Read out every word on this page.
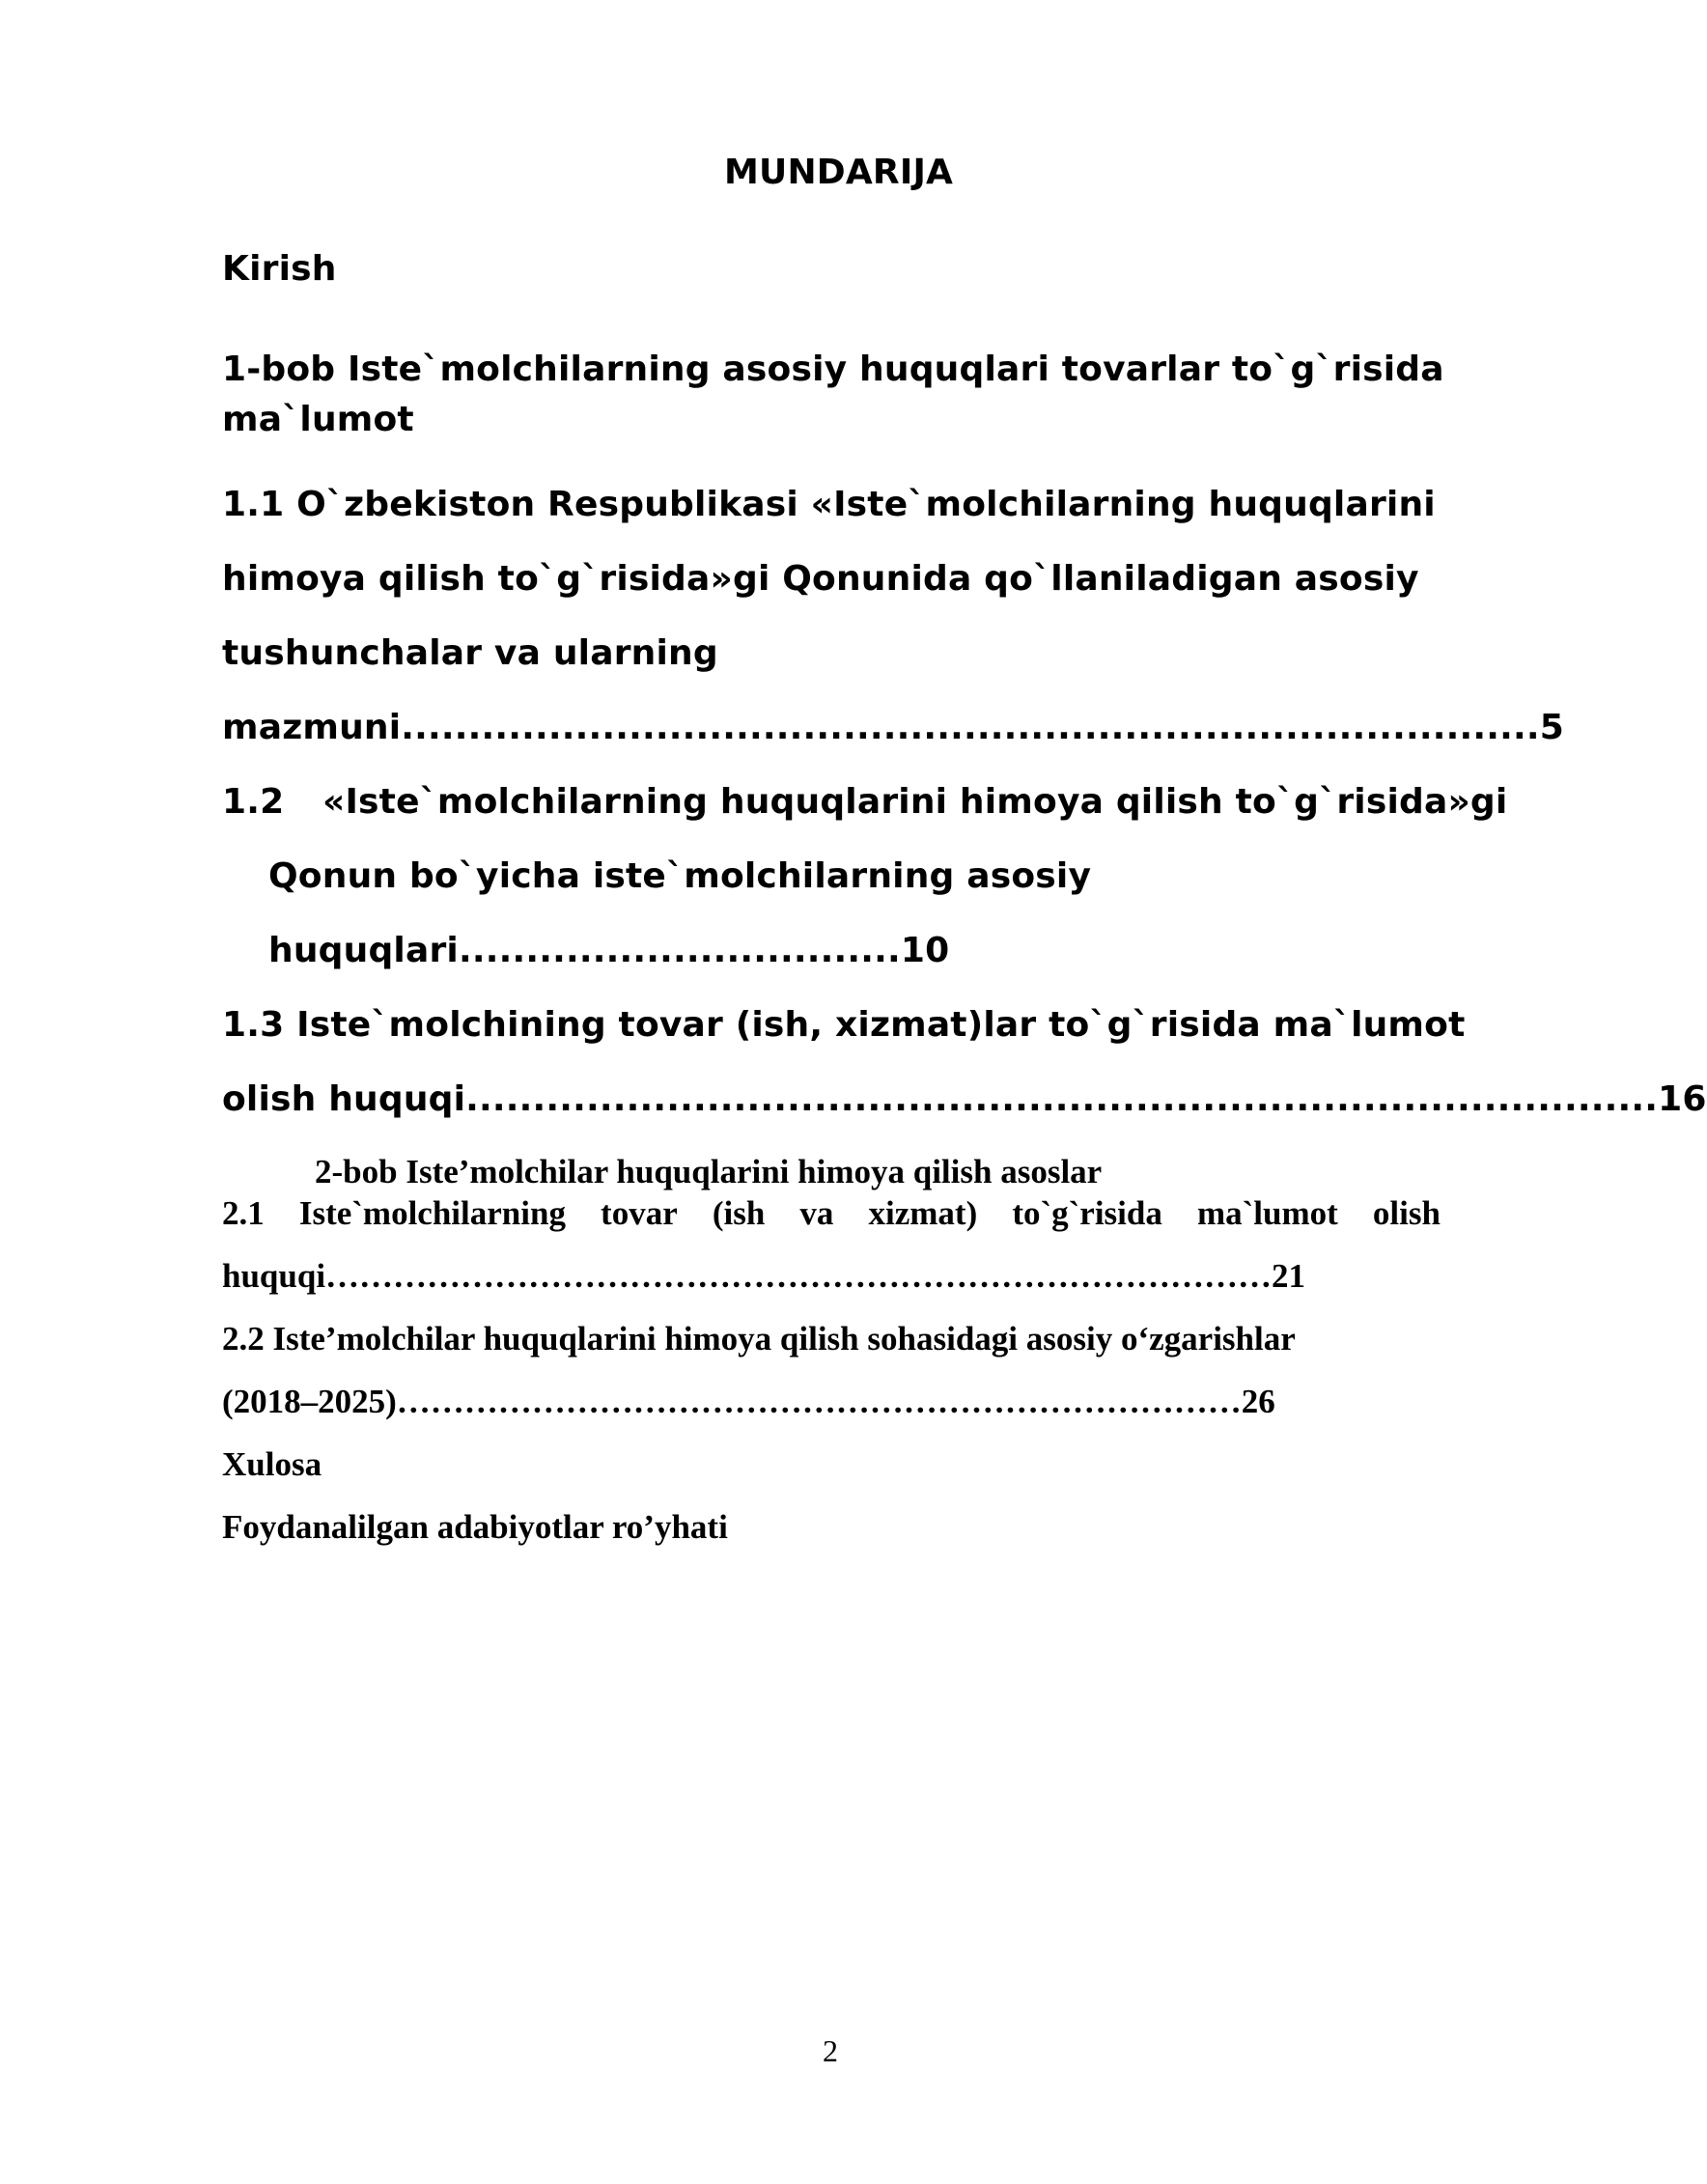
MUNDARIJA
Kirish
1-bob Iste`molchilarning asosiy huquqlari tovarlar to`g`risida
ma`lumot
1.1 O`zbekiston Respublikasi «Iste`molchilarning huquqlarini
himoya qilish to`g`risida»gi Qonunida qo`llaniladigan asosiy
tushunchalar va ularning
mazmuni.....................................................................................5
1.2 «Iste`molchilarning huquqlarini himoya qilish to`g`risida»gi
Qonun bo`yicha iste`molchilarning asosiy
huquqlari.................................10
1.3 Iste`molchining tovar (ish, xizmat)lar to`g`risida ma`lumot
olish huquqi.........................................................................................16
2-bob Iste’molchilar huquqlarini himoya qilish asoslar
2.1 Iste`molchilarning tovar (ish va xizmat) to`g`risida ma`lumot olish
huquqi…………………………………………………………………………21
2.2 Iste’molchilar huquqlarini himoya qilish sohasidagi asosiy o‘zgarishlar
(2018–2025)…………………………………………………………………26
Xulosa
Foydanalilgan adabiyotlar ro’yhati
2
